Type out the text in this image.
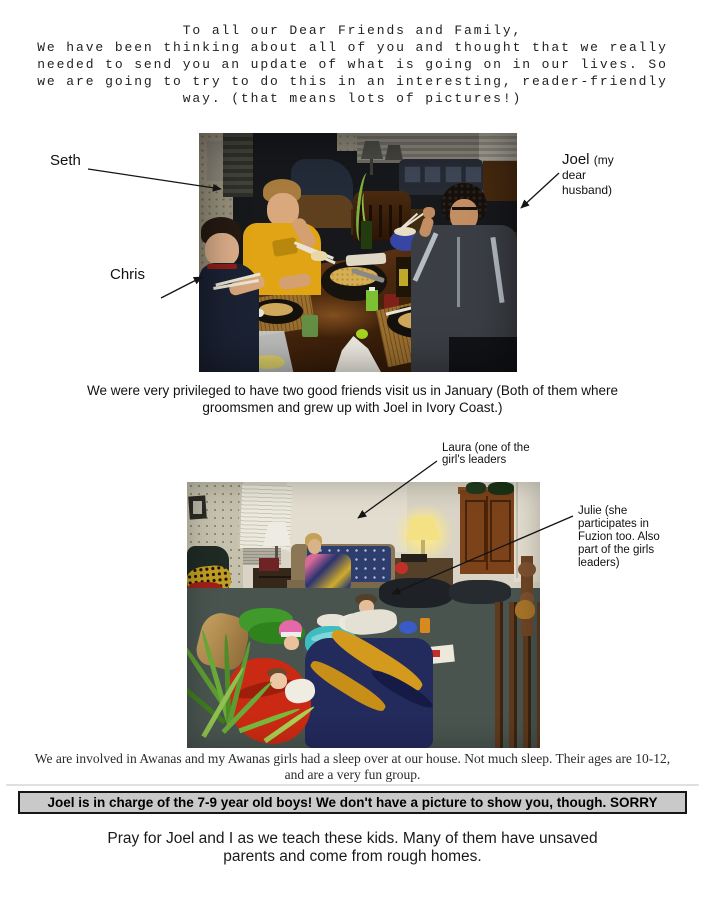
To all our Dear Friends and Family,
We have been thinking about all of you and thought that we really
needed to send you an update of what is going on in our lives. So
we are going to try to do this in an interesting, reader-friendly
way. (that means lots of pictures!)
Seth
Chris
Joel (my
dear
husband)
We were very privileged to have two good friends visit us in January (Both of them where
groomsmen and grew up with Joel in Ivory Coast.)
Laura (one of the
girl's leaders
Julie (she
participates in
Fuzion too. Also
part of the girls
leaders)
We are involved in Awanas and my Awanas girls had a sleep over at our house. Not much sleep. Their ages are 10-12,
and are a very fun group.
Joel is in charge of the 7-9 year old boys! We don't have a picture to show you, though. SORRY
Pray for Joel and I as we teach these kids. Many of them have unsaved
parents and come from rough homes.
